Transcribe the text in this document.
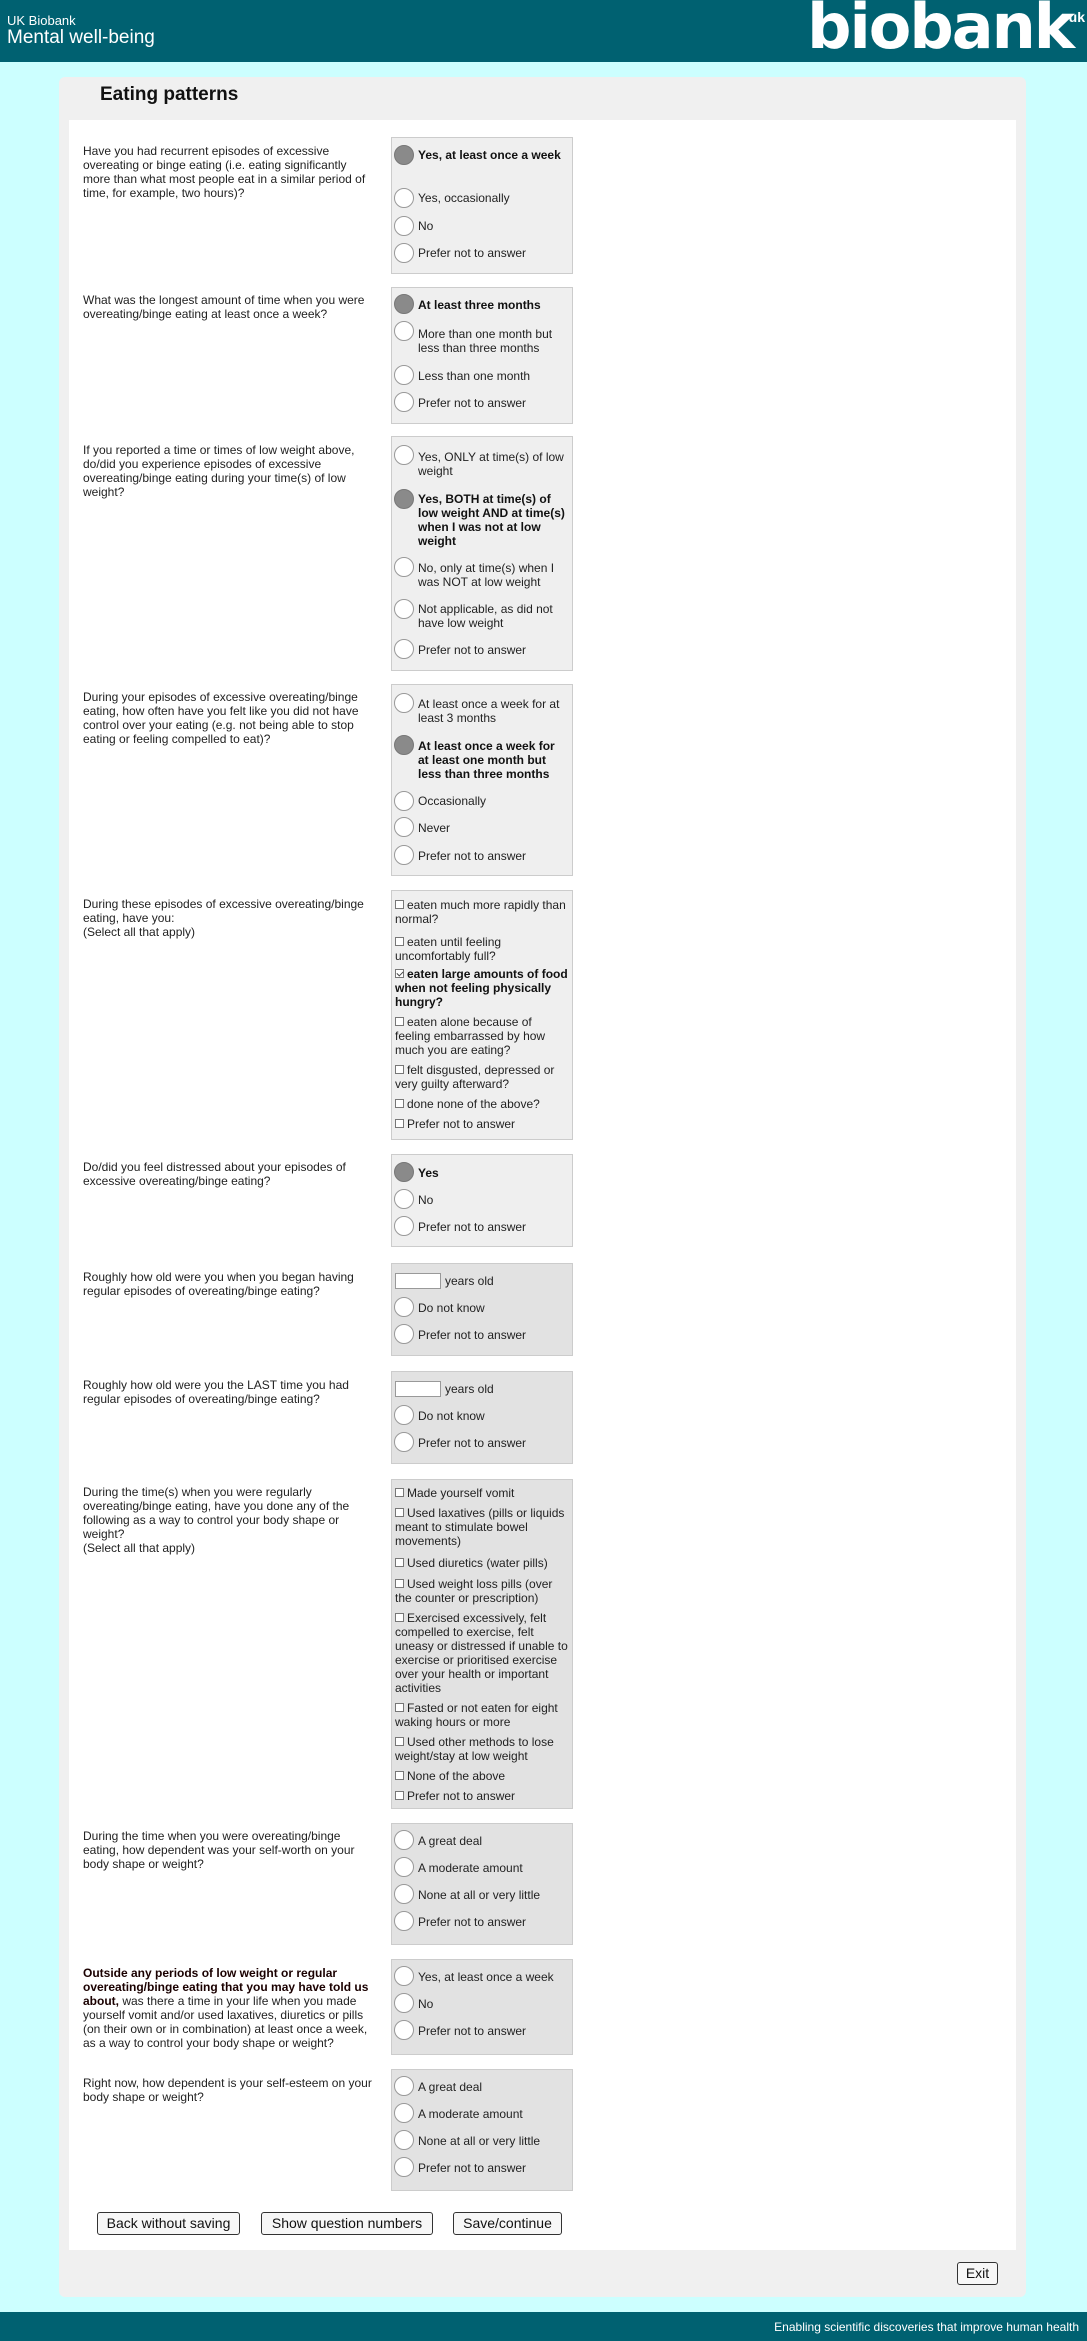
UK Biobank
Mental well-being	biobank
uk
Eating patterns
Have you had recurrent episodes of excessive overeating or binge eating (i.e. eating significantly more than what most people eat in a similar period of time, for example, two hours)?
Yes, at least once a week
Yes, occasionally
No
Prefer not to answer
What was the longest amount of time when you were overeating/binge eating at least once a week?
At least three months
More than one month but less than three months
Less than one month
Prefer not to answer
If you reported a time or times of low weight above, do/did you experience episodes of excessive overeating/binge eating during your time(s) of low weight?
Yes, ONLY at time(s) of low weight
Yes, BOTH at time(s) of low weight AND at time(s) when I was not at low weight
No, only at time(s) when I was NOT at low weight
Not applicable, as did not have low weight
Prefer not to answer
During your episodes of excessive overeating/binge eating, how often have you felt like you did not have control over your eating (e.g. not being able to stop eating or feeling compelled to eat)?
At least once a week for at least 3 months
At least once a week for at least one month but less than three months
Occasionally
Never
Prefer not to answer
During these episodes of excessive overeating/binge eating, have you:
(Select all that apply)
eaten much more rapidly than normal?
eaten until feeling uncomfortably full?
eaten large amounts of food when not feeling physically hungry?
eaten alone because of feeling embarrassed by how much you are eating?
felt disgusted, depressed or very guilty afterward?
done none of the above?
Prefer not to answer
Do/did you feel distressed about your episodes of excessive overeating/binge eating?
Yes
No
Prefer not to answer
Roughly how old were you when you began having regular episodes of overeating/binge eating?
years old
Do not know
Prefer not to answer
Roughly how old were you the LAST time you had regular episodes of overeating/binge eating?
years old
Do not know
Prefer not to answer
During the time(s) when you were regularly overeating/binge eating, have you done any of the following as a way to control your body shape or weight?
(Select all that apply)
Made yourself vomit
Used laxatives (pills or liquids meant to stimulate bowel movements)
Used diuretics (water pills)
Used weight loss pills (over the counter or prescription)
Exercised excessively, felt compelled to exercise, felt uneasy or distressed if unable to exercise or prioritised exercise over your health or important activities
Fasted or not eaten for eight waking hours or more
Used other methods to lose weight/stay at low weight
None of the above
Prefer not to answer
During the time when you were overeating/binge eating, how dependent was your self-worth on your body shape or weight?
A great deal
A moderate amount
None at all or very little
Prefer not to answer
Outside any periods of low weight or regular overeating/binge eating that you may have told us about, was there a time in your life when you made yourself vomit and/or used laxatives, diuretics or pills (on their own or in combination) at least once a week, as a way to control your body shape or weight?
Yes, at least once a week
No
Prefer not to answer
Right now, how dependent is your self-esteem on your body shape or weight?
A great deal
A moderate amount
None at all or very little
Prefer not to answer
Back without saving	Show question numbers	Save/continue
Exit
Enabling scientific discoveries that improve human health
